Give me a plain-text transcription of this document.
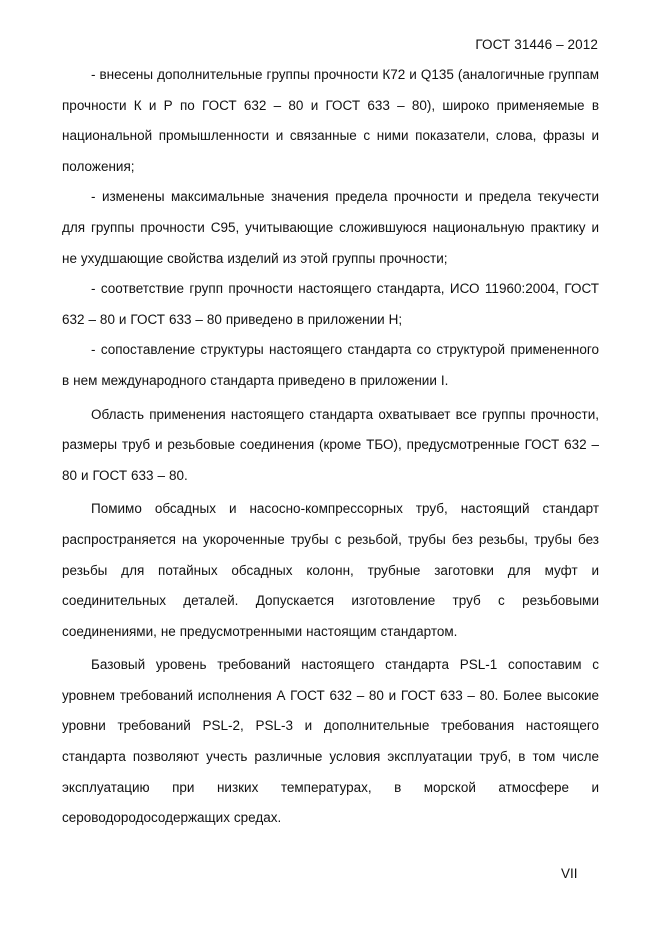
ГОСТ 31446 – 2012

- внесены дополнительные группы прочности К72 и Q135 (аналогичные группам прочности К и Р по ГОСТ 632 – 80 и ГОСТ 633 – 80), широко применяемые в национальной промышленности и связанные с ними показатели, слова, фразы и положения;

- изменены максимальные значения предела прочности и предела текучести для группы прочности С95, учитывающие сложившуюся национальную практику и не ухудшающие свойства изделий из этой группы прочности;

- соответствие групп прочности настоящего стандарта, ИСО 11960:2004, ГОСТ 632 – 80 и ГОСТ 633 – 80 приведено в приложении Н;

- сопоставление структуры настоящего стандарта со структурой примененного в нем международного стандарта приведено в приложении I.

Область применения настоящего стандарта охватывает все группы прочности, размеры труб и резьбовые соединения (кроме ТБО), предусмотренные ГОСТ 632 – 80 и ГОСТ 633 – 80.

Помимо обсадных и насосно-компрессорных труб, настоящий стандарт распространяется на укороченные трубы с резьбой, трубы без резьбы, трубы без резьбы для потайных обсадных колонн, трубные заготовки для муфт и соединительных деталей. Допускается изготовление труб с резьбовыми соединениями, не предусмотренными настоящим стандартом.

Базовый уровень требований настоящего стандарта PSL-1 сопоставим с уровнем требований исполнения А ГОСТ 632 – 80 и ГОСТ 633 – 80. Более высокие уровни требований PSL-2, PSL-3 и дополнительные требования настоящего стандарта позволяют учесть различные условия эксплуатации труб, в том числе эксплуатацию при низких температурах, в морской атмосфере и сероводородосодержащих средах.

VII
